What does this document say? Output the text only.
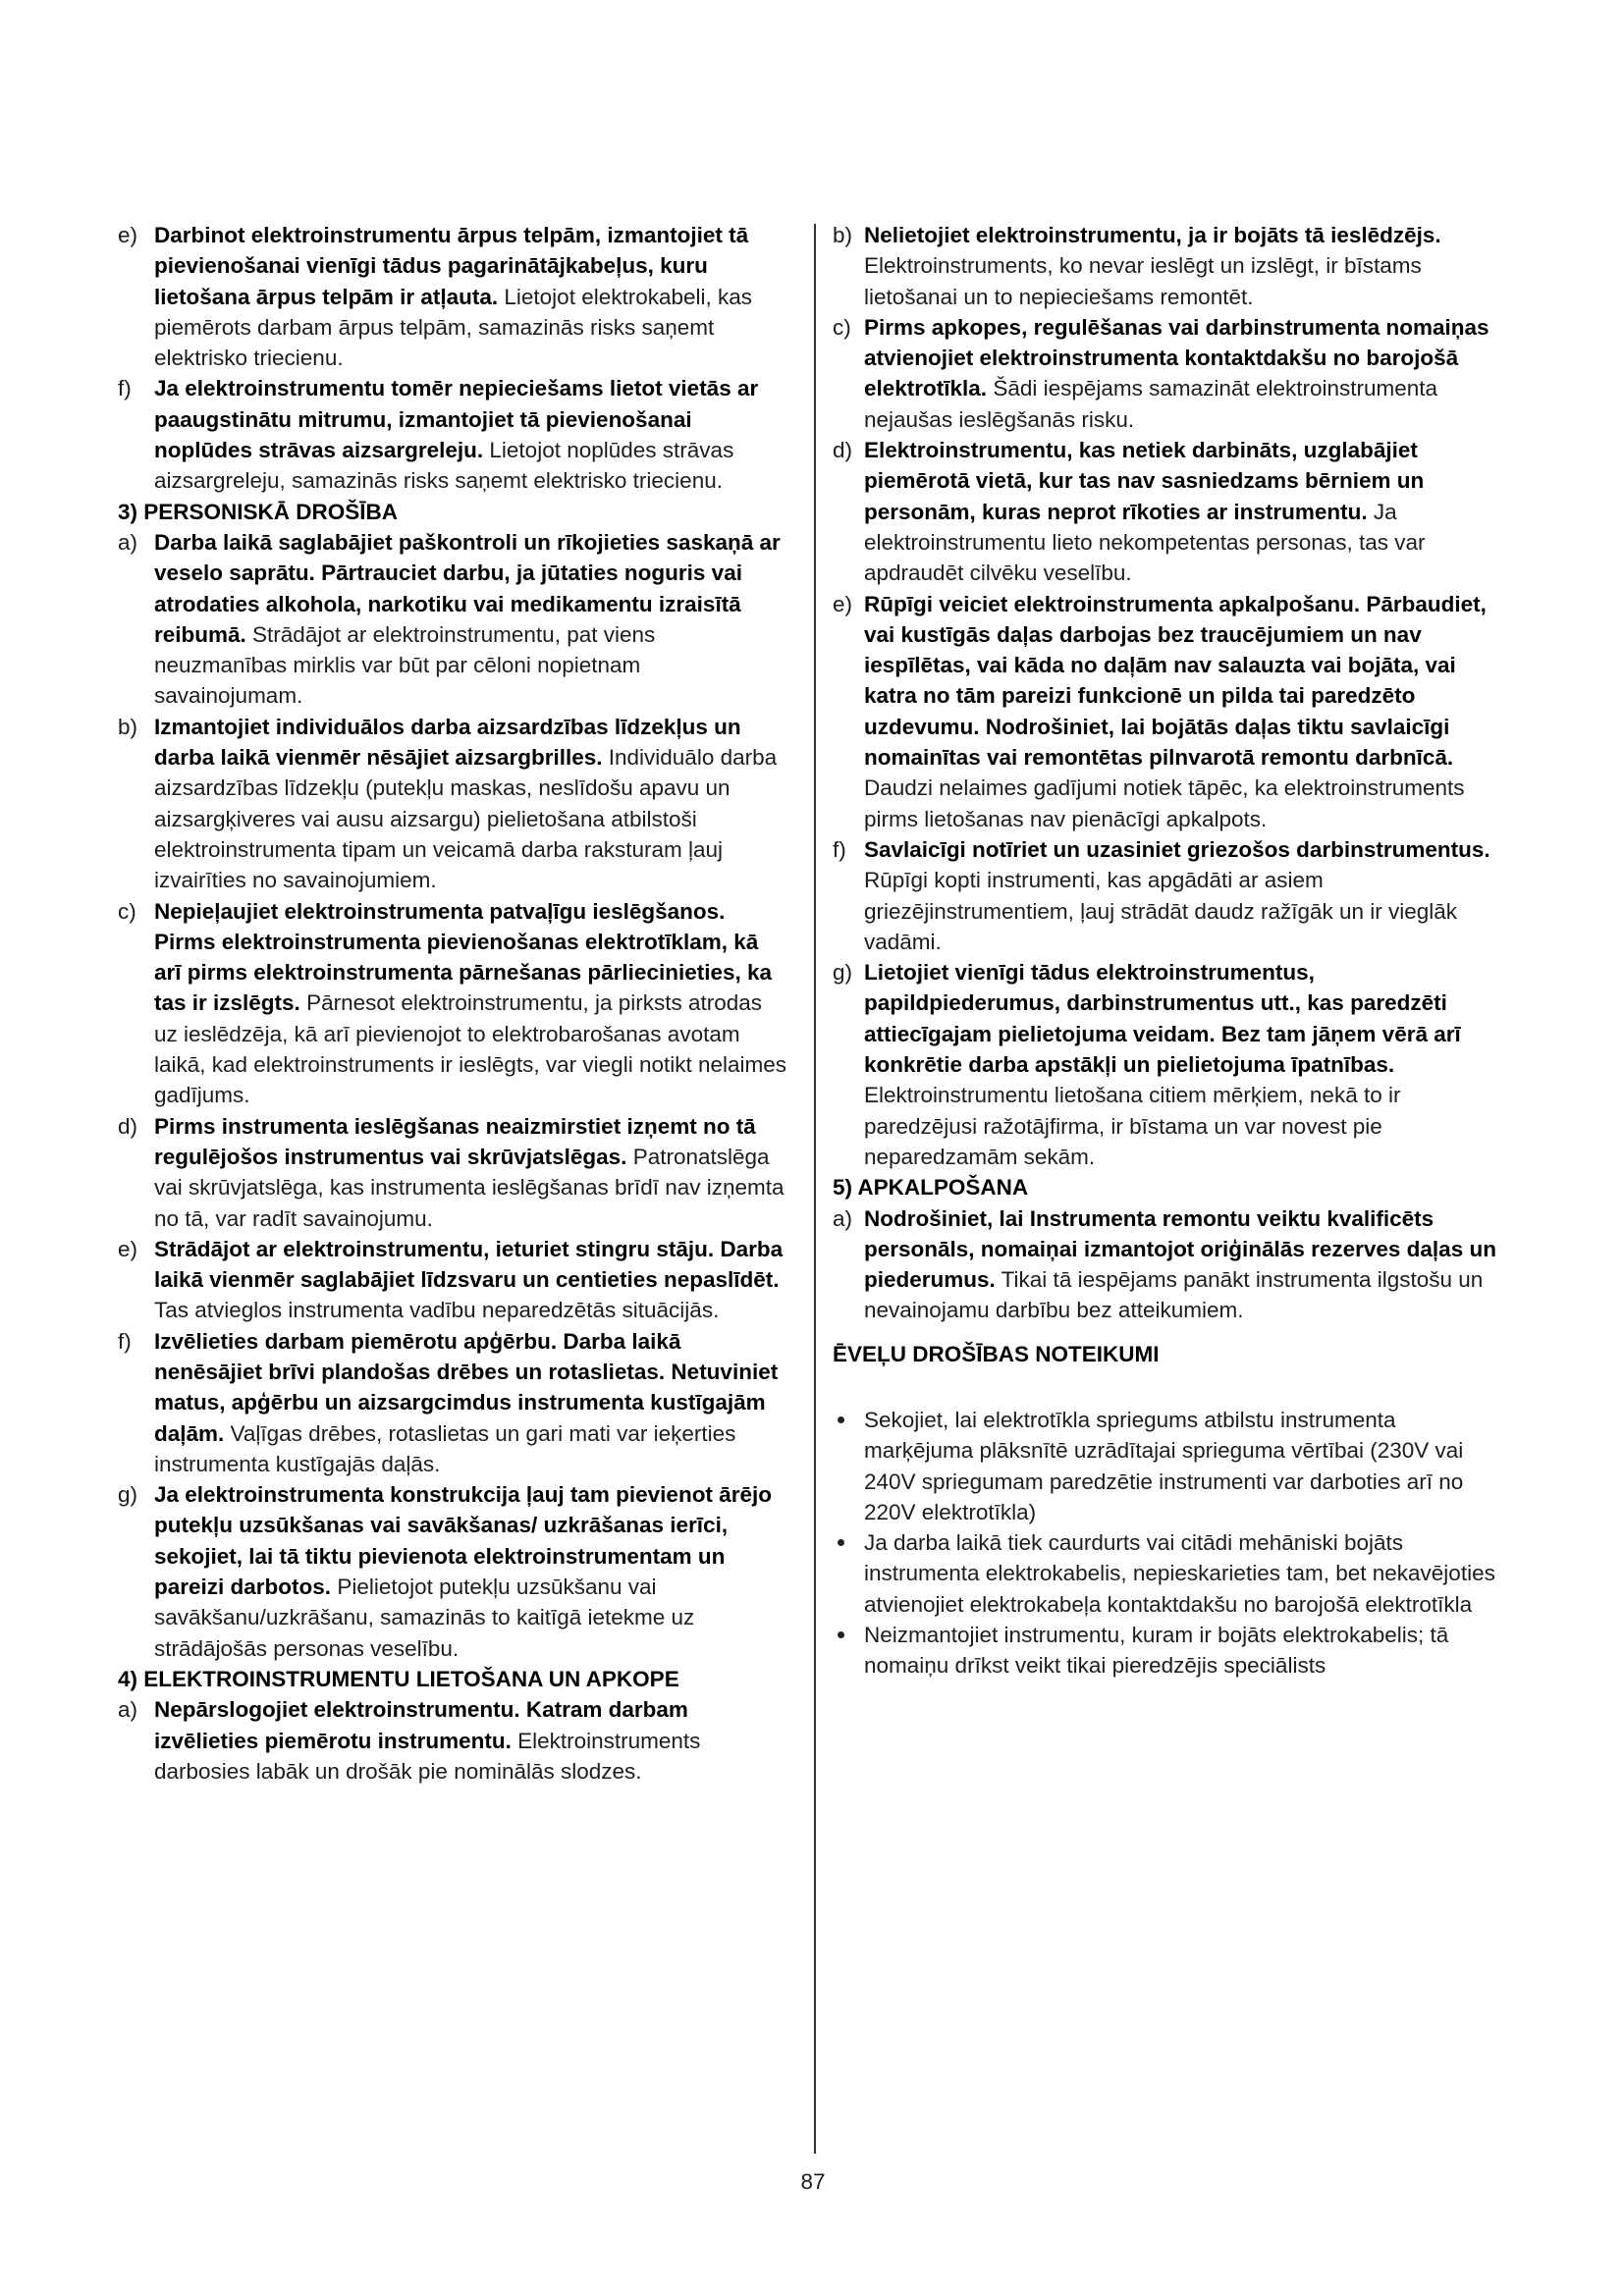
e) Darbinot elektroinstrumentu ārpus telpām, izmantojiet tā pievienošanai vienīgi tādus pagarinātājkabeļus, kuru lietošana ārpus telpām ir atļauta. Lietojot elektrokabeli, kas piemērots darbam ārpus telpām, samazinās risks saņemt elektrisko triecienu.
f) Ja elektroinstrumentu tomēr nepieciešams lietot vietās ar paaugstinātu mitrumu, izmantojiet tā pievienošanai noplūdes strāvas aizsargreleju. Lietojot noplūdes strāvas aizsargreleju, samazinās risks saņemt elektrisko triecienu.
3) PERSONISKĀ DROŠĪBA
a) Darba laikā saglabājiet paškontroli un rīkojieties saskaņā ar veselo saprātu. Pārtrauciet darbu, ja jūtaties noguris vai atrodaties alkohola, narkotiku vai medikamentu izraisītā reibumā. Strādājot ar elektroinstrumentu, pat viens neuzmanības mirklis var būt par cēloni nopietnam savainojumam.
b) Izmantojiet individuālos darba aizsardzības līdzekļus un darba laikā vienmēr nēsājiet aizsargbrilles. Individuālo darba aizsardzības līdzekļu (putekļu maskas, neslīdošu apavu un aizsargķiveres vai ausu aizsargu) pielietošana atbilstoši elektroinstrumenta tipam un veicamā darba raksturam ļauj izvairīties no savainojumiem.
c) Nepieļaujiet elektroinstrumenta patvaļīgu ieslēgšanos. Pirms elektroinstrumenta pievienošanas elektrotīklam, kā arī pirms elektroinstrumenta pārnešanas pārliecinieties, ka tas ir izslēgts. Pārnesot elektroinstrumentu, ja pirksts atrodas uz ieslēdzēja, kā arī pievienojot to elektrobarošanas avotam laikā, kad elektroinstruments ir ieslēgts, var viegli notikt nelaimes gadījums.
d) Pirms instrumenta ieslēgšanas neaizmirstiet izņemt no tā regulējošos instrumentus vai skrūvjatslēgas. Patronatslēga vai skrūvjatslēga, kas instrumenta ieslēgšanas brīdī nav izņemta no tā, var radīt savainojumu.
e) Strādājot ar elektroinstrumentu, ieturiet stingru stāju. Darba laikā vienmēr saglabājiet līdzsvaru un centieties nepaslīdēt. Tas atvieglos instrumenta vadību neparedzētās situācijās.
f) Izvēlieties darbam piemērotu apģērbu. Darba laikā nenēsājiet brīvi plandošas drēbes un rotaslietas. Netuviniet matus, apģērbu un aizsargcimdus instrumenta kustīgajām daļām. Vaļīgas drēbes, rotaslietas un gari mati var ieķerties instrumenta kustīgajās daļās.
g) Ja elektroinstrumenta konstrukcija ļauj tam pievienot ārējo putekļu uzsūkšanas vai savākšanas/ uzkrāšanas ierīci, sekojiet, lai tā tiktu pievienota elektroinstrumentam un pareizi darbotos. Pielietojot putekļu uzsūkšanu vai savākšanu/uzkrāšanu, samazinās to kaitīgā ietekme uz strādājošās personas veselību.
4) ELEKTROINSTRUMENTU LIETOŠANA UN APKOPE
a) Nepārslogojiet elektroinstrumentu. Katram darbam izvēlieties piemērotu instrumentu. Elektroinstruments darbosies labāk un drošāk pie nominālās slodzes.
b) Nelietojiet elektroinstrumentu, ja ir bojāts tā ieslēdzējs. Elektroinstruments, ko nevar ieslēgt un izslēgt, ir bīstams lietošanai un to nepieciešams remontēt.
c) Pirms apkopes, regulēšanas vai darbinstrumenta nomaiņas atvienojiet elektroinstrumenta kontaktdakšu no barojošā elektrotīkla. Šādi iespējams samazināt elektroinstrumenta nejaušas ieslēgšanās risku.
d) Elektroinstrumentu, kas netiek darbināts, uzglabājiet piemērotā vietā, kur tas nav sasniedzams bērniem un personām, kuras neprot rīkoties ar instrumentu. Ja elektroinstrumentu lieto nekompetentas personas, tas var apdraudēt cilvēku veselību.
e) Rūpīgi veiciet elektroinstrumenta apkalpošanu. Pārbaudiet, vai kustīgās daļas darbojas bez traucējumiem un nav iespīlētas, vai kāda no daļām nav salauzta vai bojāta, vai katra no tām pareizi funkcionē un pilda tai paredzēto uzdevumu. Nodrošiniet, lai bojātās daļas tiktu savlaicīgi nomainītas vai remontētas pilnvarotā remontu darbnīcā. Daudzi nelaimes gadījumi notiek tāpēc, ka elektroinstruments pirms lietošanas nav pienācīgi apkalpots.
f) Savlaicīgi notīriet un uzasiniet griezošos darbinstrumentus. Rūpīgi kopti instrumenti, kas apgādāti ar asiem griezējinstrumentiem, ļauj strādāt daudz ražīgāk un ir vieglāk vadāmi.
g) Lietojiet vienīgi tādus elektroinstrumentus, papildpiederumus, darbinstrumentus utt., kas paredzēti attiecīgajam pielietojuma veidam. Bez tam jāņem vērā arī konkrētie darba apstākļi un pielietojuma īpatnības. Elektroinstrumentu lietošana citiem mērķiem, nekā to ir paredzējusi ražotājfirma, ir bīstama un var novest pie neparedzamām sekām.
5) APKALPOŠANA
a) Nodrošiniet, lai Instrumenta remontu veiktu kvalificēts personāls, nomaiņai izmantojot oriģinālās rezerves daļas un piederumus. Tikai tā iespējams panākt instrumenta ilgstošu un nevainojamu darbību bez atteikumiem.
ĒVEĻU DROŠĪBAS NOTEIKUMI
Sekojiet, lai elektrotīkla spriegums atbilstu instrumenta marķējuma plāksnītē uzrādītajai sprieguma vērtībai (230V vai 240V spriegumam paredzētie instrumenti var darboties arī no 220V elektrotīkla)
Ja darba laikā tiek caurdurts vai citādi mehāniski bojāts instrumenta elektrokabelis, nepieskarieties tam, bet nekavējoties atvienojiet elektrokabeļa kontaktdakšu no barojošā elektrotīkla
Neizmantojiet instrumentu, kuram ir bojāts elektrokabelis; tā nomaiņu drīkst veikt tikai pieredzējis speciālists
87
